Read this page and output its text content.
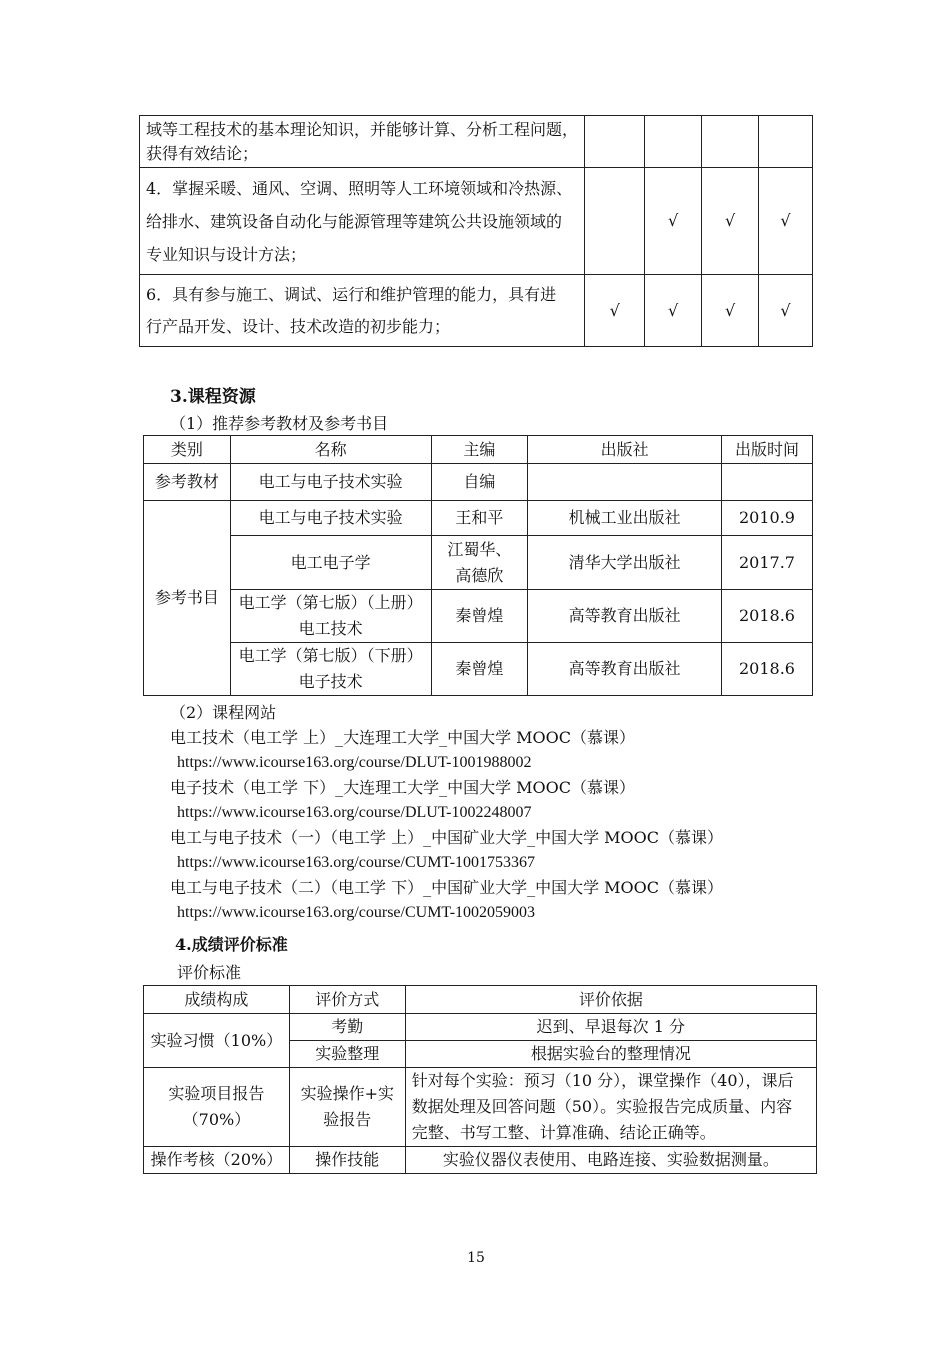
域等工程技术的基本理论知识，并能够计算、分析工程问题，
获得有效结论；				

4．掌握采暖、通风、空调、照明等人工环境领域和冷热源、
给排水、建筑设备自动化与能源管理等建筑公共设施领域的
专业知识与设计方法；		√	√	√

6．具有参与施工、调试、运行和维护管理的能力，具有进
行产品开发、设计、技术改造的初步能力；	√	√	√	√
3.课程资源
（1）推荐参考教材及参考书目
类别	名称	主编	出版社	出版时间
参考教材	电工与电子技术实验	自编		
参考书目	电工与电子技术实验	王和平	机械工业出版社	2010.9
	电工电子学	江蜀华、
高德欣	清华大学出版社	2017.7

	电工学（第七版）（上册）
电工技术	秦曾煌	高等教育出版社	2018.6

	电工学（第七版）（下册）
电子技术	秦曾煌	高等教育出版社	2018.6
（2）课程网站
电工技术（电工学 上）_大连理工大学_中国大学 MOOC（慕课）
https://www.icourse163.org/course/DLUT-1001988002
电子技术（电工学 下）_大连理工大学_中国大学 MOOC（慕课）
https://www.icourse163.org/course/DLUT-1002248007
电工与电子技术（一）（电工学 上）_中国矿业大学_中国大学 MOOC（慕课）
https://www.icourse163.org/course/CUMT-1001753367
电工与电子技术（二）（电工学 下）_中国矿业大学_中国大学 MOOC（慕课）
https://www.icourse163.org/course/CUMT-1002059003
4.成绩评价标准
评价标准
成绩构成	评价方式	评价依据
实验习惯（10%）	考勤	迟到、早退每次 1 分
	实验整理	根据实验台的整理情况

实验项目报告
（70%）	实验操作+实
验报告	针对每个实验：预习（10 分），课堂操作（40），课后
数据处理及回答问题（50）。实验报告完成质量、内容
完整、书写工整、计算准确、结论正确等。

操作考核（20%）	操作技能	实验仪器仪表使用、电路连接、实验数据测量。
15
